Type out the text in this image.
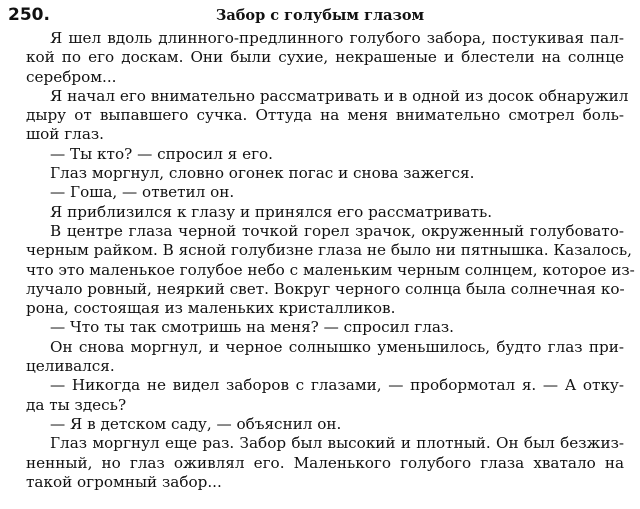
250.	Забор с голубым глазом
Я шел вдоль длинного-предлинного голубого забора, постукивая пал-
кой по его доскам. Они были сухие, некрашеные и блестели на солнце
серебром...
Я начал его внимательно рассматривать и в одной из досок обнаружил
дыру от выпавшего сучка. Оттуда на меня внимательно смотрел боль-
шой глаз.
— Ты кто? — спросил я его.
Глаз моргнул, словно огонек погас и снова зажегся.
— Гоша, — ответил он.
Я приблизился к глазу и принялся его рассматривать.
В центре глаза черной точкой горел зрачок, окруженный голубовато-
черным райком. В ясной голубизне глаза не было ни пятнышка. Казалось,
что это маленькое голубое небо с маленьким черным солнцем, которое из-
лучало ровный, неяркий свет. Вокруг черного солнца была солнечная ко-
рона, состоящая из маленьких кристалликов.
— Что ты так смотришь на меня? — спросил глаз.
Он снова моргнул, и черное солнышко уменьшилось, будто глаз при-
целивался.
— Никогда не видел заборов с глазами, — пробормотал я. — А отку-
да ты здесь?
— Я в детском саду, — объяснил он.
Глаз моргнул еще раз. Забор был высокий и плотный. Он был безжиз-
ненный, но глаз оживлял его. Маленького голубого глаза хватало на
такой огромный забор...
